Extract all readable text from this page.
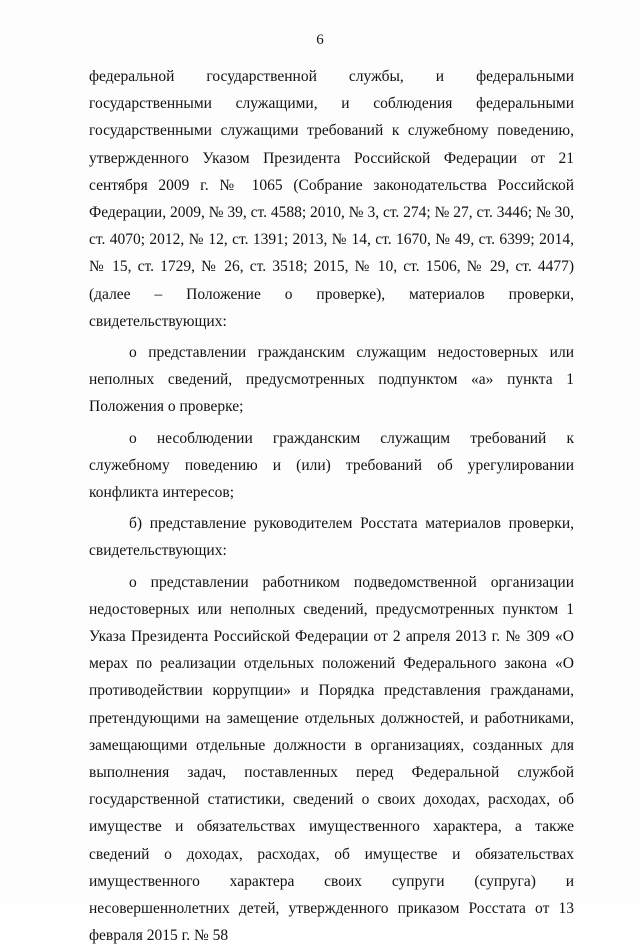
6

федеральной государственной службы, и федеральными государственными служащими, и соблюдения федеральными государственными служащими требований к служебному поведению, утвержденного Указом Президента Российской Федерации от 21 сентября 2009 г. № 1065 (Собрание законодательства Российской Федерации, 2009, № 39, ст. 4588; 2010, № 3, ст. 274; № 27, ст. 3446; № 30, ст. 4070; 2012, № 12, ст. 1391; 2013, № 14, ст. 1670, № 49, ст. 6399; 2014, № 15, ст. 1729, № 26, ст. 3518; 2015, № 10, ст. 1506, № 29, ст. 4477) (далее – Положение о проверке), материалов проверки, свидетельствующих:

о представлении гражданским служащим недостоверных или неполных сведений, предусмотренных подпунктом «а» пункта 1 Положения о проверке;

о несоблюдении гражданским служащим требований к служебному поведению и (или) требований об урегулировании конфликта интересов;

б) представление руководителем Росстата материалов проверки, свидетельствующих:

о представлении работником подведомственной организации недостоверных или неполных сведений, предусмотренных пунктом 1 Указа Президента Российской Федерации от 2 апреля 2013 г. № 309 «О мерах по реализации отдельных положений Федерального закона «О противодействии коррупции» и Порядка представления гражданами, претендующими на замещение отдельных должностей, и работниками, замещающими отдельные должности в организациях, созданных для выполнения задач, поставленных перед Федеральной службой государственной статистики, сведений о своих доходах, расходах, об имуществе и обязательствах имущественного характера, а также сведений о доходах, расходах, об имуществе и обязательствах имущественного характера своих супруги (супруга) и несовершеннолетних детей, утвержденного приказом Росстата от 13 февраля 2015 г. № 58
